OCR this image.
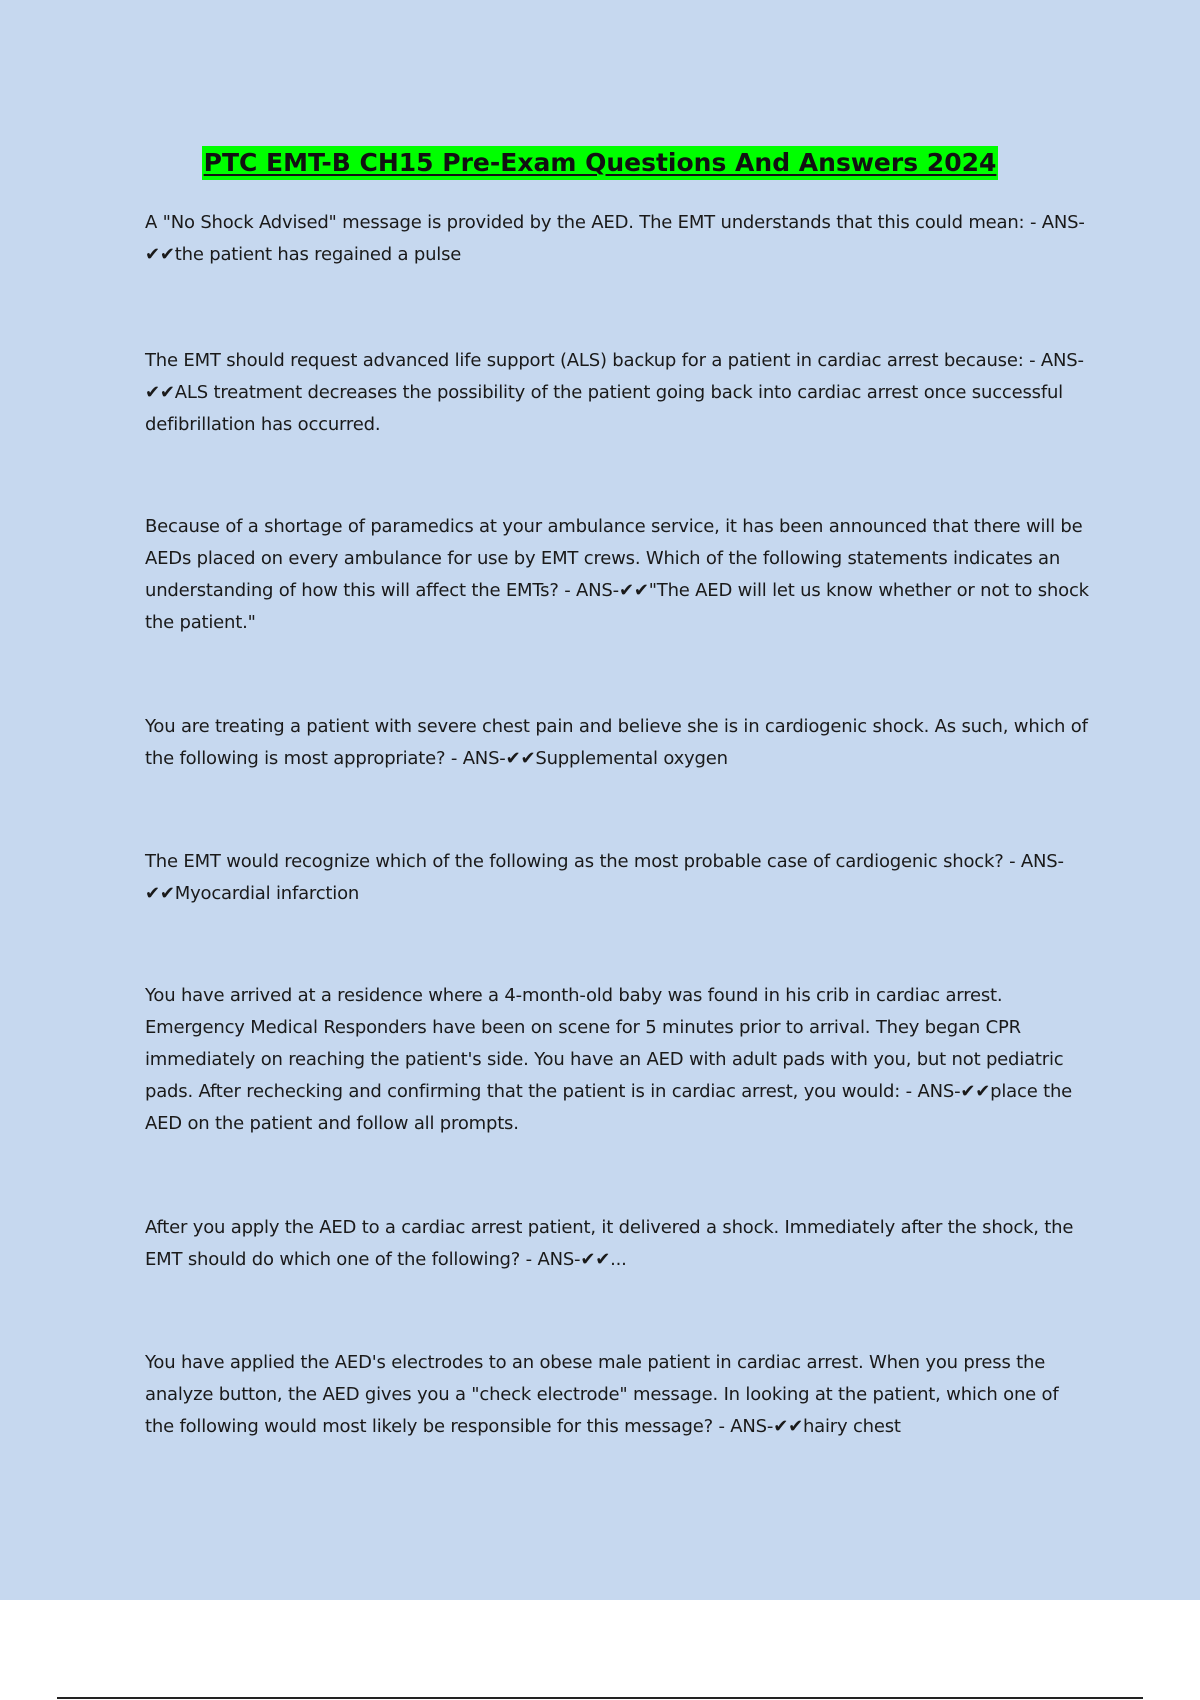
PTC EMT-B CH15 Pre-Exam Questions And Answers 2024

A "No Shock Advised" message is provided by the AED. The EMT understands that this could mean: - ANS-✔✔the patient has regained a pulse

The EMT should request advanced life support (ALS) backup for a patient in cardiac arrest because: - ANS-✔✔ALS treatment decreases the possibility of the patient going back into cardiac arrest once successful defibrillation has occurred.

Because of a shortage of paramedics at your ambulance service, it has been announced that there will be AEDs placed on every ambulance for use by EMT crews. Which of the following statements indicates an understanding of how this will affect the EMTs? - ANS-✔✔"The AED will let us know whether or not to shock the patient."

You are treating a patient with severe chest pain and believe she is in cardiogenic shock. As such, which of the following is most appropriate? - ANS-✔✔Supplemental oxygen

The EMT would recognize which of the following as the most probable case of cardiogenic shock? - ANS-✔✔Myocardial infarction

You have arrived at a residence where a 4-month-old baby was found in his crib in cardiac arrest. Emergency Medical Responders have been on scene for 5 minutes prior to arrival. They began CPR immediately on reaching the patient's side. You have an AED with adult pads with you, but not pediatric pads. After rechecking and confirming that the patient is in cardiac arrest, you would: - ANS-✔✔place the AED on the patient and follow all prompts.

After you apply the AED to a cardiac arrest patient, it delivered a shock. Immediately after the shock, the EMT should do which one of the following? - ANS-✔✔...

You have applied the AED's electrodes to an obese male patient in cardiac arrest. When you press the analyze button, the AED gives you a "check electrode" message. In looking at the patient, which one of the following would most likely be responsible for this message? - ANS-✔✔hairy chest
